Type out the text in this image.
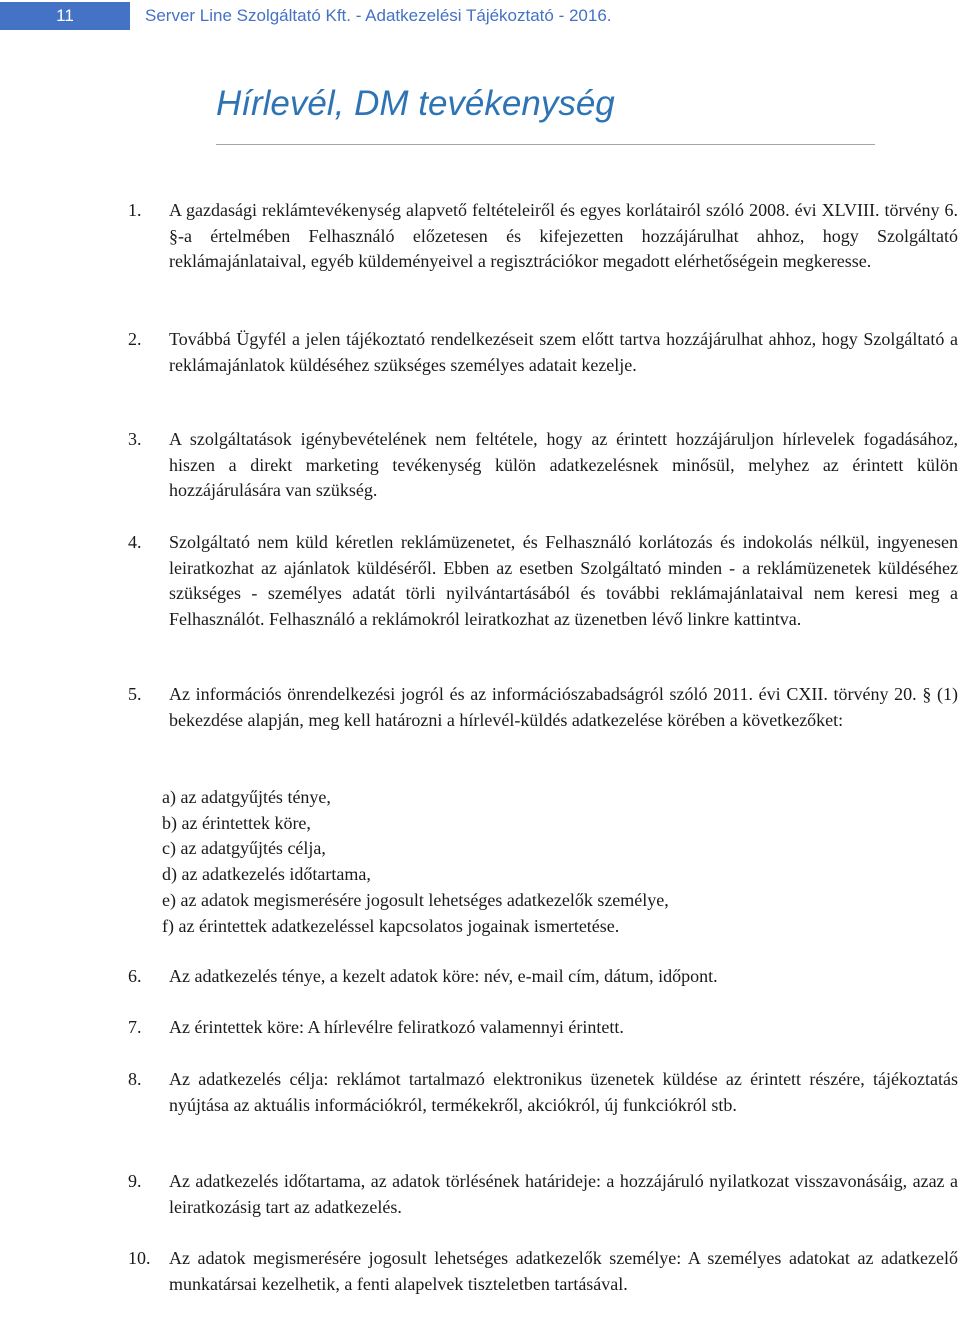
11	Server Line Szolgáltató Kft. - Adatkezelési Tájékoztató - 2016.
Hírlevél, DM tevékenység
1. A gazdasági reklámtevékenység alapvető feltételeiről és egyes korlátairól szóló 2008. évi XLVIII. törvény 6. §-a értelmében Felhasználó előzetesen és kifejezetten hozzájárulhat ahhoz, hogy Szolgáltató reklámajánlataival, egyéb küldeményeivel a regisztrációkor megadott elérhetőségein megkeresse.
2. Továbbá Ügyfél a jelen tájékoztató rendelkezéseit szem előtt tartva hozzájárulhat ahhoz, hogy Szolgáltató a reklámajánlatok küldéséhez szükséges személyes adatait kezelje.
3. A szolgáltatások igénybevételének nem feltétele, hogy az érintett hozzájáruljon hírlevelek fogadásához, hiszen a direkt marketing tevékenység külön adatkezelésnek minősül, melyhez az érintett külön hozzájárulására van szükség.
4. Szolgáltató nem küld kéretlen reklámüzenetet, és Felhasználó korlátozás és indokolás nélkül, ingyenesen leiratkozhat az ajánlatok küldéséről. Ebben az esetben Szolgáltató minden - a reklámüzenetek küldéséhez szükséges - személyes adatát törli nyilvántartásából és további reklámajánlataival nem keresi meg a Felhasználót. Felhasználó a reklámokról leiratkozhat az üzenetben lévő linkre kattintva.
5. Az információs önrendelkezési jogról és az információszabadságról szóló 2011. évi CXII. törvény 20. § (1) bekezdése alapján, meg kell határozni a hírlevél-küldés adatkezelése körében a következőket:
a) az adatgyűjtés ténye,
b) az érintettek köre,
c) az adatgyűjtés célja,
d) az adatkezelés időtartama,
e) az adatok megismerésére jogosult lehetséges adatkezelők személye,
f) az érintettek adatkezeléssel kapcsolatos jogainak ismertetése.
6. Az adatkezelés ténye, a kezelt adatok köre: név, e-mail cím, dátum, időpont.
7. Az érintettek köre: A hírlevélre feliratkozó valamennyi érintett.
8. Az adatkezelés célja: reklámot tartalmazó elektronikus üzenetek küldése az érintett részére, tájékoztatás nyújtása az aktuális információkról, termékekről, akciókról, új funkciókról stb.
9. Az adatkezelés időtartama, az adatok törlésének határideje: a hozzájáruló nyilatkozat visszavonásáig, azaz a leiratkozásig tart az adatkezelés.
10. Az adatok megismerésére jogosult lehetséges adatkezelők személye: A személyes adatokat az adatkezelő munkatársai kezelhetik, a fenti alapelvek tiszteletben tartásával.
